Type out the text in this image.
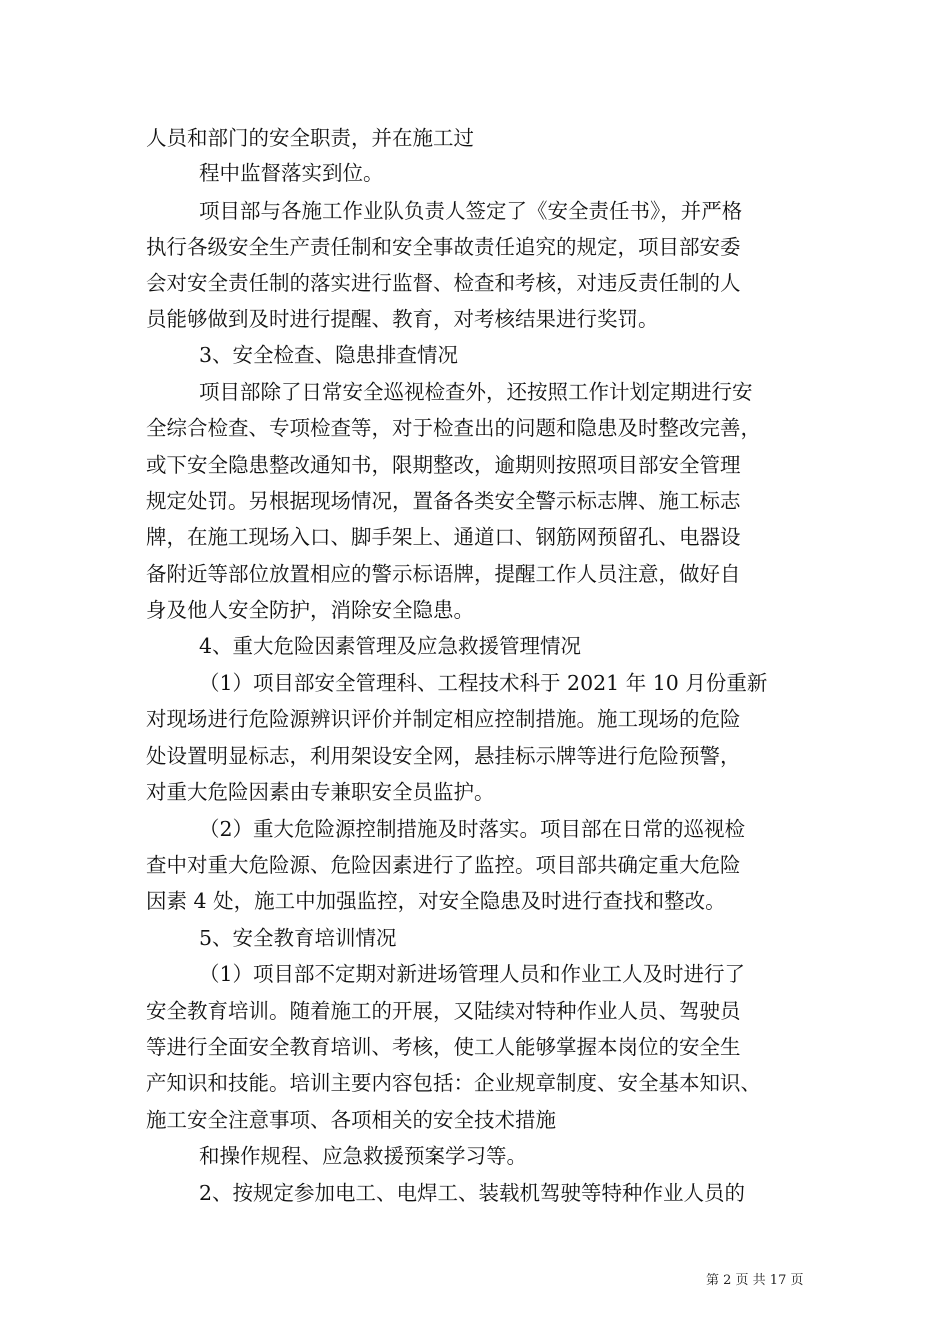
人员和部门的安全职责，并在施工过
程中监督落实到位。
项目部与各施工作业队负责人签定了《安全责任书》，并严格
执行各级安全生产责任制和安全事故责任追究的规定，项目部安委
会对安全责任制的落实进行监督、检查和考核，对违反责任制的人
员能够做到及时进行提醒、教育，对考核结果进行奖罚。
3、安全检查、隐患排查情况
项目部除了日常安全巡视检查外，还按照工作计划定期进行安
全综合检查、专项检查等，对于检查出的问题和隐患及时整改完善，
或下安全隐患整改通知书，限期整改，逾期则按照项目部安全管理
规定处罚。另根据现场情况，置备各类安全警示标志牌、施工标志
牌，在施工现场入口、脚手架上、通道口、钢筋网预留孔、电器设
备附近等部位放置相应的警示标语牌，提醒工作人员注意，做好自
身及他人安全防护，消除安全隐患。
4、重大危险因素管理及应急救援管理情况
（1）项目部安全管理科、工程技术科于 2021 年 10 月份重新
对现场进行危险源辨识评价并制定相应控制措施。施工现场的危险
处设置明显标志，利用架设安全网，悬挂标示牌等进行危险预警，
对重大危险因素由专兼职安全员监护。
（2）重大危险源控制措施及时落实。项目部在日常的巡视检
查中对重大危险源、危险因素进行了监控。项目部共确定重大危险
因素 4 处，施工中加强监控，对安全隐患及时进行查找和整改。
5、安全教育培训情况
（1）项目部不定期对新进场管理人员和作业工人及时进行了
安全教育培训。随着施工的开展，又陆续对特种作业人员、驾驶员
等进行全面安全教育培训、考核，使工人能够掌握本岗位的安全生
产知识和技能。培训主要内容包括：企业规章制度、安全基本知识、
施工安全注意事项、各项相关的安全技术措施
和操作规程、应急救援预案学习等。
2、按规定参加电工、电焊工、装载机驾驶等特种作业人员的
第 2 页 共 17 页
